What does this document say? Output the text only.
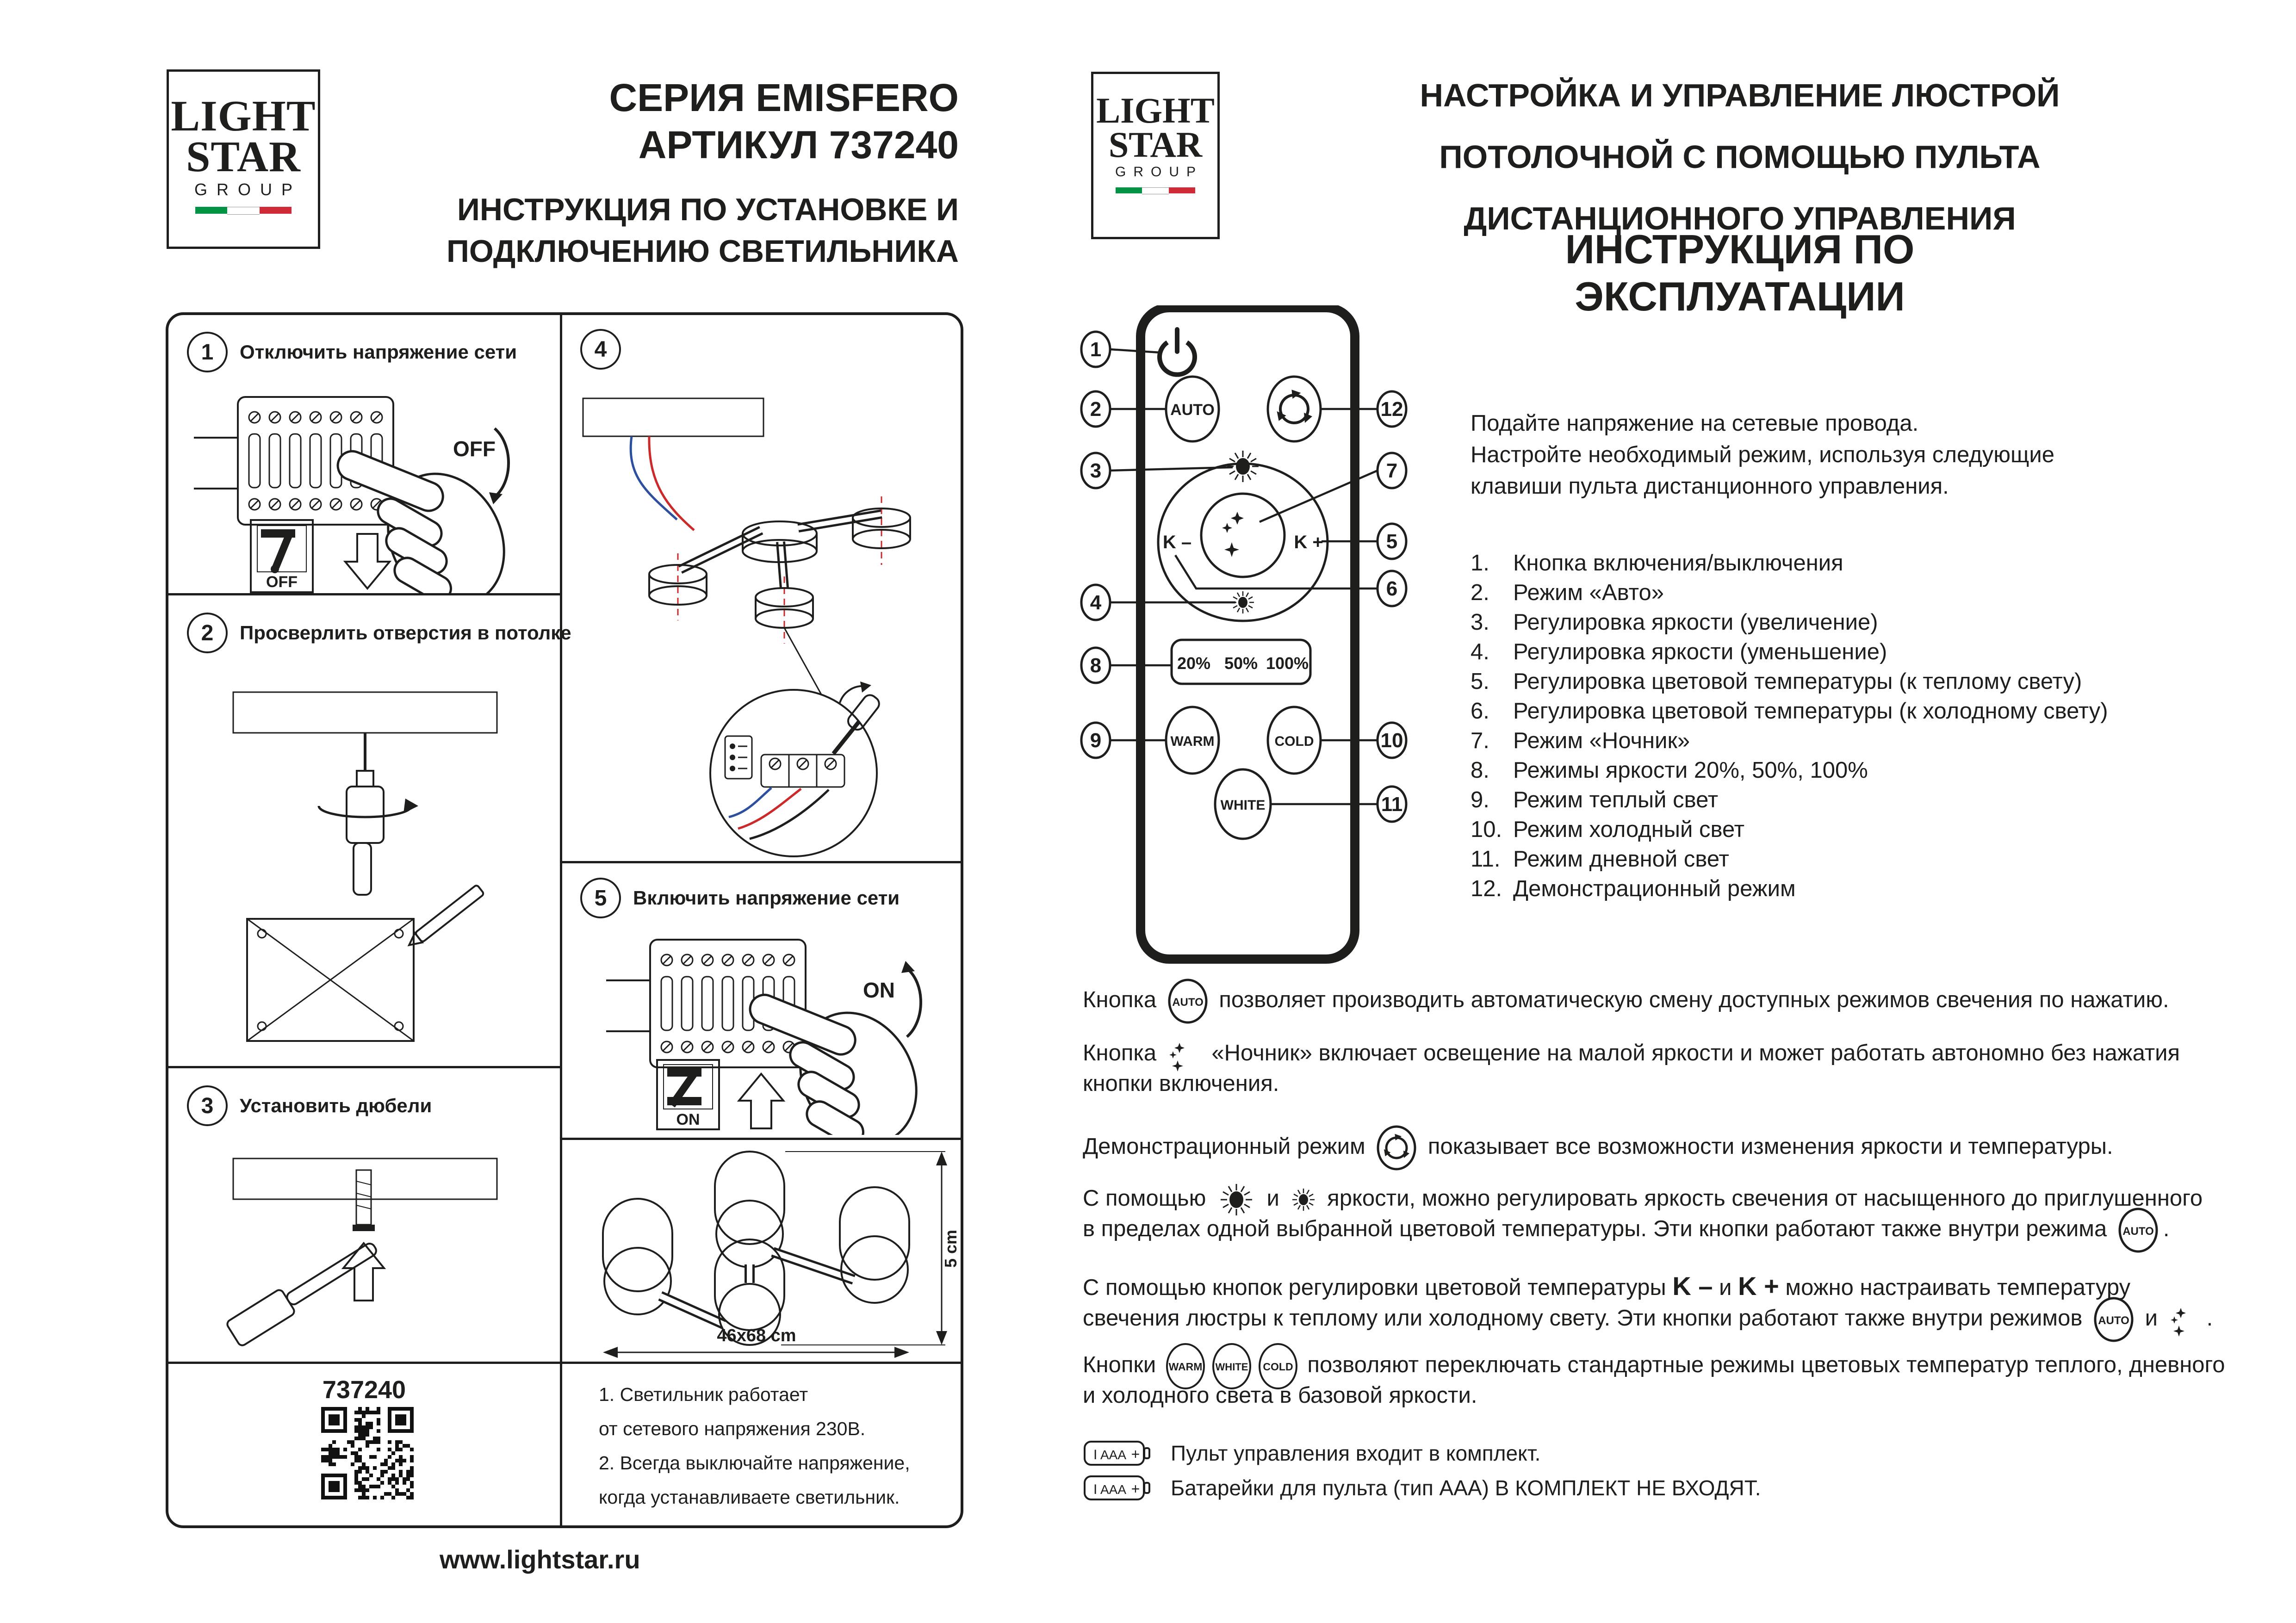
LIGHT
STAR
GROUP
СЕРИЯ EMISFERO
АРТИКУЛ 737240
ИНСТРУКЦИЯ ПО УСТАНОВКЕ И
ПОДКЛЮЧЕНИЮ СВЕТИЛЬНИКА
1	Отключить напряжение сети
OFF
OFF
2	Просверлить отверстия в потолке
3	Установить дюбели
737240
4
5	Включить напряжение сети
ON
ON
5 cm
46x68 cm
1. Светильник работает
от сетевого напряжения 230В.
2. Всегда выключайте напряжение,
когда устанавливаете светильник.
www.lightstar.ru
LIGHT
STAR
GROUP
НАСТРОЙКА И УПРАВЛЕНИЕ ЛЮСТРОЙ
ПОТОЛОЧНОЙ С ПОМОЩЬЮ ПУЛЬТА
ДИСТАНЦИОННОГО УПРАВЛЕНИЯ
ИНСТРУКЦИЯ ПО ЭКСПЛУАТАЦИИ
AUTO
K –	K +
20% 50% 100%
WARM	COLD
WHITE
1
2
3
4
5
6
7
8
9	10
11
12
Подайте напряжение на сетевые провода.
Настройте необходимый режим, используя следующие
клавиши пульта дистанционного управления.
1.	Кнопка включения/выключения
2.	Режим «Авто»
3.	Регулировка яркости (увеличение)
4.	Регулировка яркости (уменьшение)
5.	Регулировка цветовой температуры (к теплому свету)
6.	Регулировка цветовой температуры (к холодному свету)
7.	Режим «Ночник»
8.	Режимы яркости 20%, 50%, 100%
9.	Режим теплый свет
10. Режим холодный свет
11. Режим дневной свет
12. Демонстрационный режим
Кнопка AUTO позволяет производить автоматическую смену доступных режимов свечения по нажатию.
Кнопка  «Ночник» включает освещение на малой яркости и может работать автономно без нажатия
кнопки включения.
Демонстрационный режим  показывает все возможности изменения яркости и температуры.
С помощью  и  яркости, можно регулировать яркость свечения от насыщенного до приглушенного
в пределах одной выбранной цветовой температуры. Эти кнопки работают также внутри режима AUTO .
С помощью кнопок регулировки цветовой температуры K – и K + можно настраивать температуру
свечения люстры к теплому или холодному свету. Эти кнопки работают также внутри режимов AUTO и .
Кнопки WARM WHITE COLD позволяют переключать стандартные режимы цветовых температур теплого, дневного
и холодного света в базовой яркости.
I AAA + Пульт управления входит в комплект.
I AAA + Батарейки для пульта (тип AAA) В КОМПЛЕКТ НЕ ВХОДЯТ.
